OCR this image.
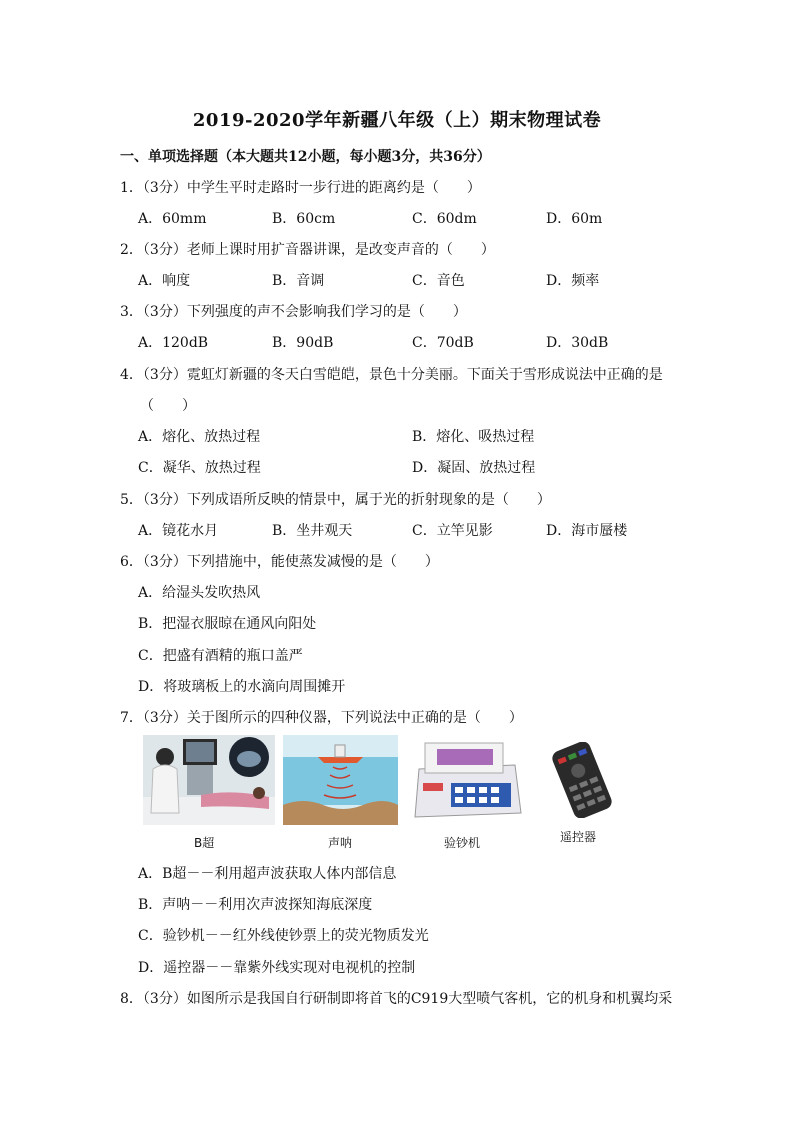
2019-2020学年新疆八年级（上）期末物理试卷
一、单项选择题（本大题共12小题，每小题3分，共36分）
1．（3分）中学生平时走路时一步行进的距离约是（　　）
A．60mm	B．60cm	C．60dm	D．60m
2．（3分）老师上课时用扩音器讲课，是改变声音的（　　）
A．响度	B．音调	C．音色	D．频率
3．（3分）下列强度的声不会影响我们学习的是（　　）
A．120dB	B．90dB	C．70dB	D．30dB
4．（3分）霓虹灯新疆的冬天白雪皑皑，景色十分美丽。下面关于雪形成说法中正确的是
（　　）
A．熔化、放热过程	B．熔化、吸热过程
C．凝华、放热过程	D．凝固、放热过程
5．（3分）下列成语所反映的情景中，属于光的折射现象的是（　　）
A．镜花水月	B．坐井观天	C．立竿见影	D．海市蜃楼
6．（3分）下列措施中，能使蒸发减慢的是（　　）
A．给湿头发吹热风
B．把湿衣服晾在通风向阳处
C．把盛有酒精的瓶口盖严
D．将玻璃板上的水滴向周围摊开
7．（3分）关于图所示的四种仪器，下列说法中正确的是（　　）
B超	声呐	验钞机	遥控器
A．B超－－利用超声波获取人体内部信息
B．声呐－－利用次声波探知海底深度
C．验钞机－－红外线使钞票上的荧光物质发光
D．遥控器－－靠紫外线实现对电视机的控制
8．（3分）如图所示是我国自行研制即将首飞的C919大型喷气客机，它的机身和机翼均采
